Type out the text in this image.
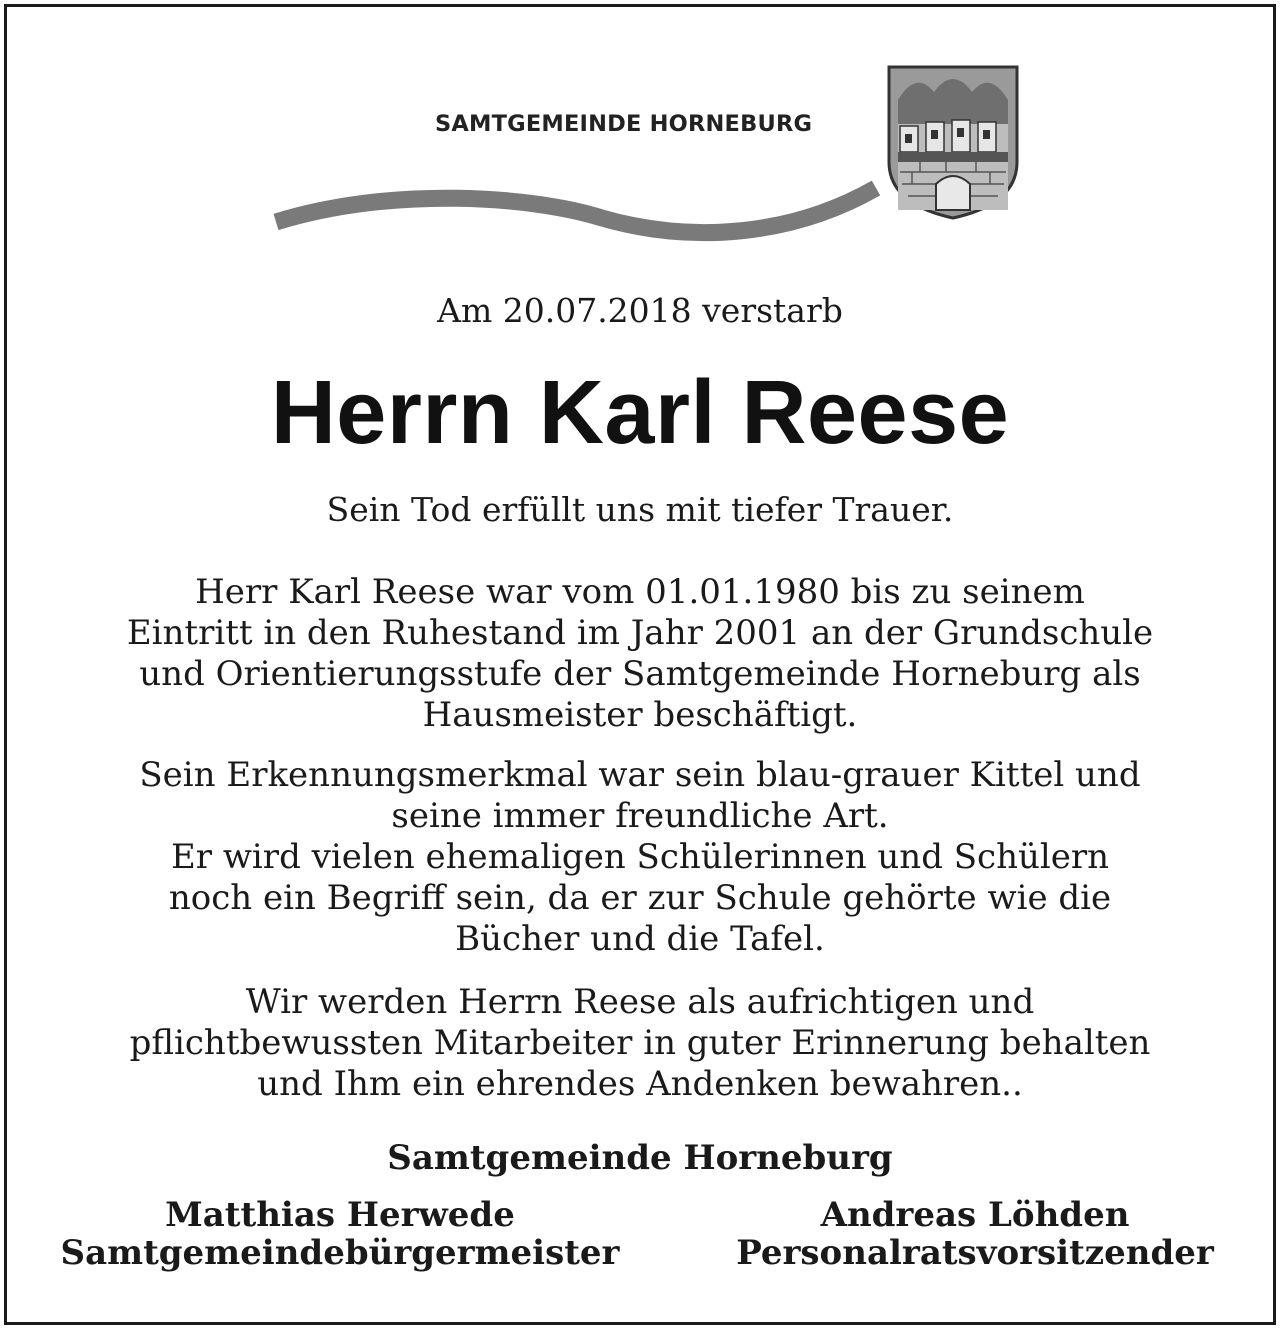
SAMTGEMEINDE HORNEBURG
Am 20.07.2018 verstarb
Herrn Karl Reese
Sein Tod erfüllt uns mit tiefer Trauer.
Herr Karl Reese war vom 01.01.1980 bis zu seinem
Eintritt in den Ruhestand im Jahr 2001 an der Grundschule
und Orientierungsstufe der Samtgemeinde Horneburg als
Hausmeister beschäftigt.
Sein Erkennungsmerkmal war sein blau-grauer Kittel und
seine immer freundliche Art.
Er wird vielen ehemaligen Schülerinnen und Schülern
noch ein Begriff sein, da er zur Schule gehörte wie die
Bücher und die Tafel.
Wir werden Herrn Reese als aufrichtigen und
pflichtbewussten Mitarbeiter in guter Erinnerung behalten
und Ihm ein ehrendes Andenken bewahren..
Samtgemeinde Horneburg
Matthias Herwede
Samtgemeindebürgermeister
Andreas Löhden
Personalratsvorsitzender
